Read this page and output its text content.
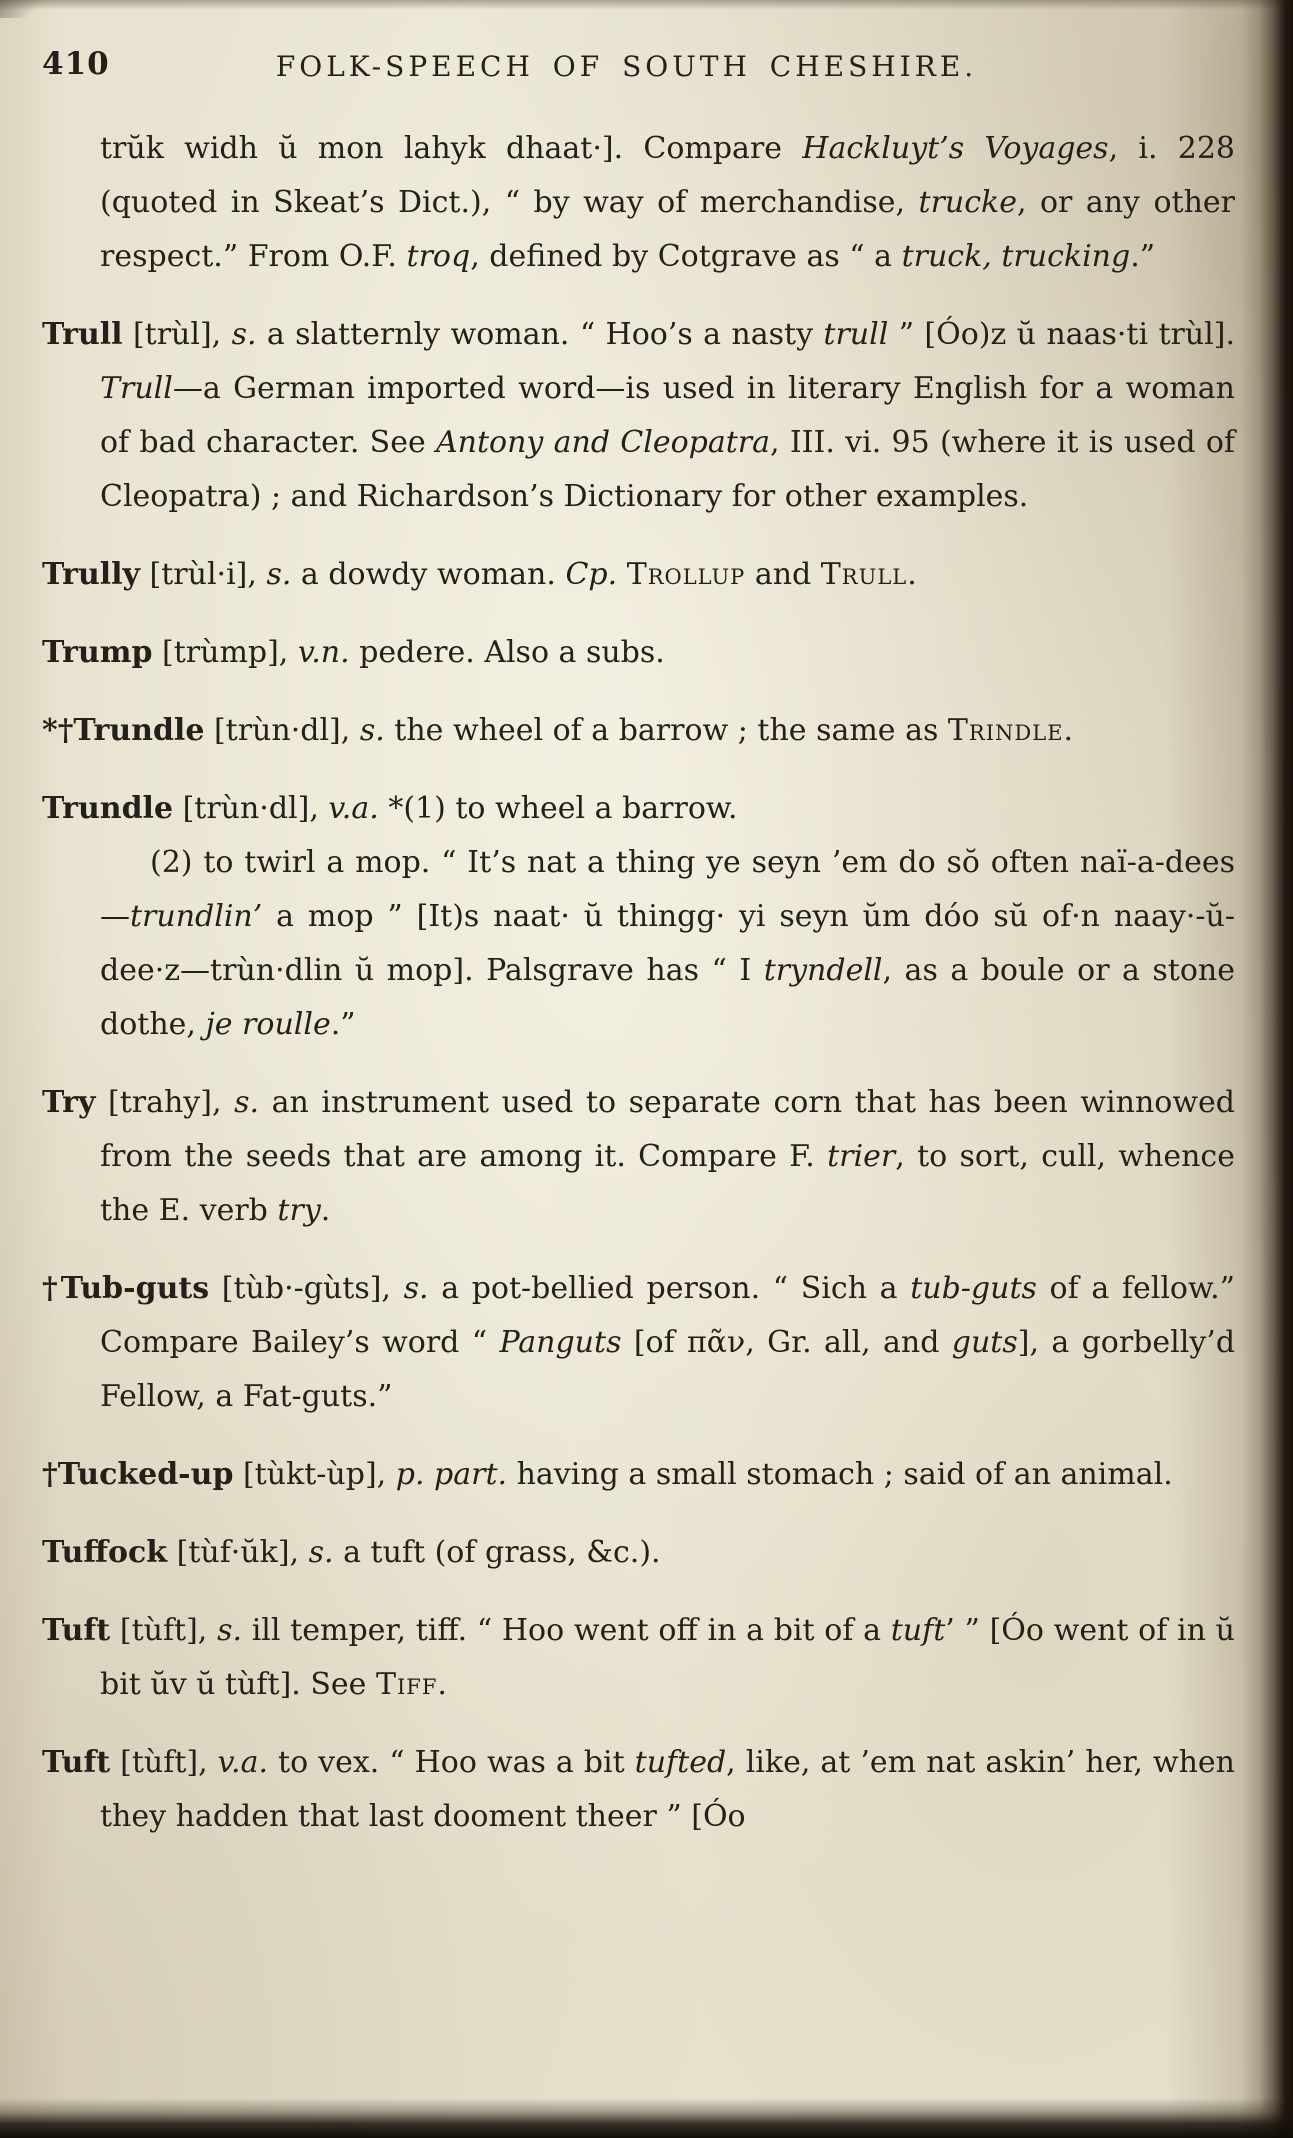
410	FOLK-SPEECH OF SOUTH CHESHIRE.

trŭk widh ŭ mon lahyk dhaat·]. Compare Hackluyt’s Voyages, i. 228 (quoted in Skeat’s Dict.), “ by way of merchandise, trucke, or any other respect.” From O.F. troq, defined by Cotgrave as “ a truck, trucking.”

Trull [trùl], s. a slatternly woman. “ Hoo’s a nasty trull ” [Óo)z ŭ naas·ti trùl]. Trull—a German imported word—is used in literary English for a woman of bad character. See Antony and Cleopatra, III. vi. 95 (where it is used of Cleopatra) ; and Richardson’s Dictionary for other examples.

Trully [trùl·i], s. a dowdy woman. Cp. Trollup and Trull.

Trump [trùmp], v.n. pedere. Also a subs.

*†Trundle [trùn·dl], s. the wheel of a barrow ; the same as Trindle.

Trundle [trùn·dl], v.a. *(1) to wheel a barrow.

(2) to twirl a mop. “ It’s nat a thing ye seyn ’em do sŏ often naï-a-dees—trundlin’ a mop ” [It)s naat· ŭ thingg· yi seyn ŭm dóo sŭ of·n naay·-ŭ-dee·z—trùn·dlin ŭ mop]. Palsgrave has “ I tryndell, as a boule or a stone dothe, je roulle.”

Try [trahy], s. an instrument used to separate corn that has been winnowed from the seeds that are among it. Compare F. trier, to sort, cull, whence the E. verb try.

†Tub-guts [tùb·-gùts], s. a pot-bellied person. “ Sich a tub-guts of a fellow.” Compare Bailey’s word “ Panguts [of πᾶν, Gr. all, and guts], a gorbelly’d Fellow, a Fat-guts.”

†Tucked-up [tùkt-ùp], p. part. having a small stomach ; said of an animal.

Tuffock [tùf·ŭk], s. a tuft (of grass, &c.).

Tuft [tùft], s. ill temper, tiff. “ Hoo went off in a bit of a tuft’ ” [Óo went of in ŭ bit ŭv ŭ tùft]. See Tiff.

Tuft [tùft], v.a. to vex. “ Hoo was a bit tufted, like, at ’em nat askin’ her, when they hadden that last dooment theer ” [Óo
